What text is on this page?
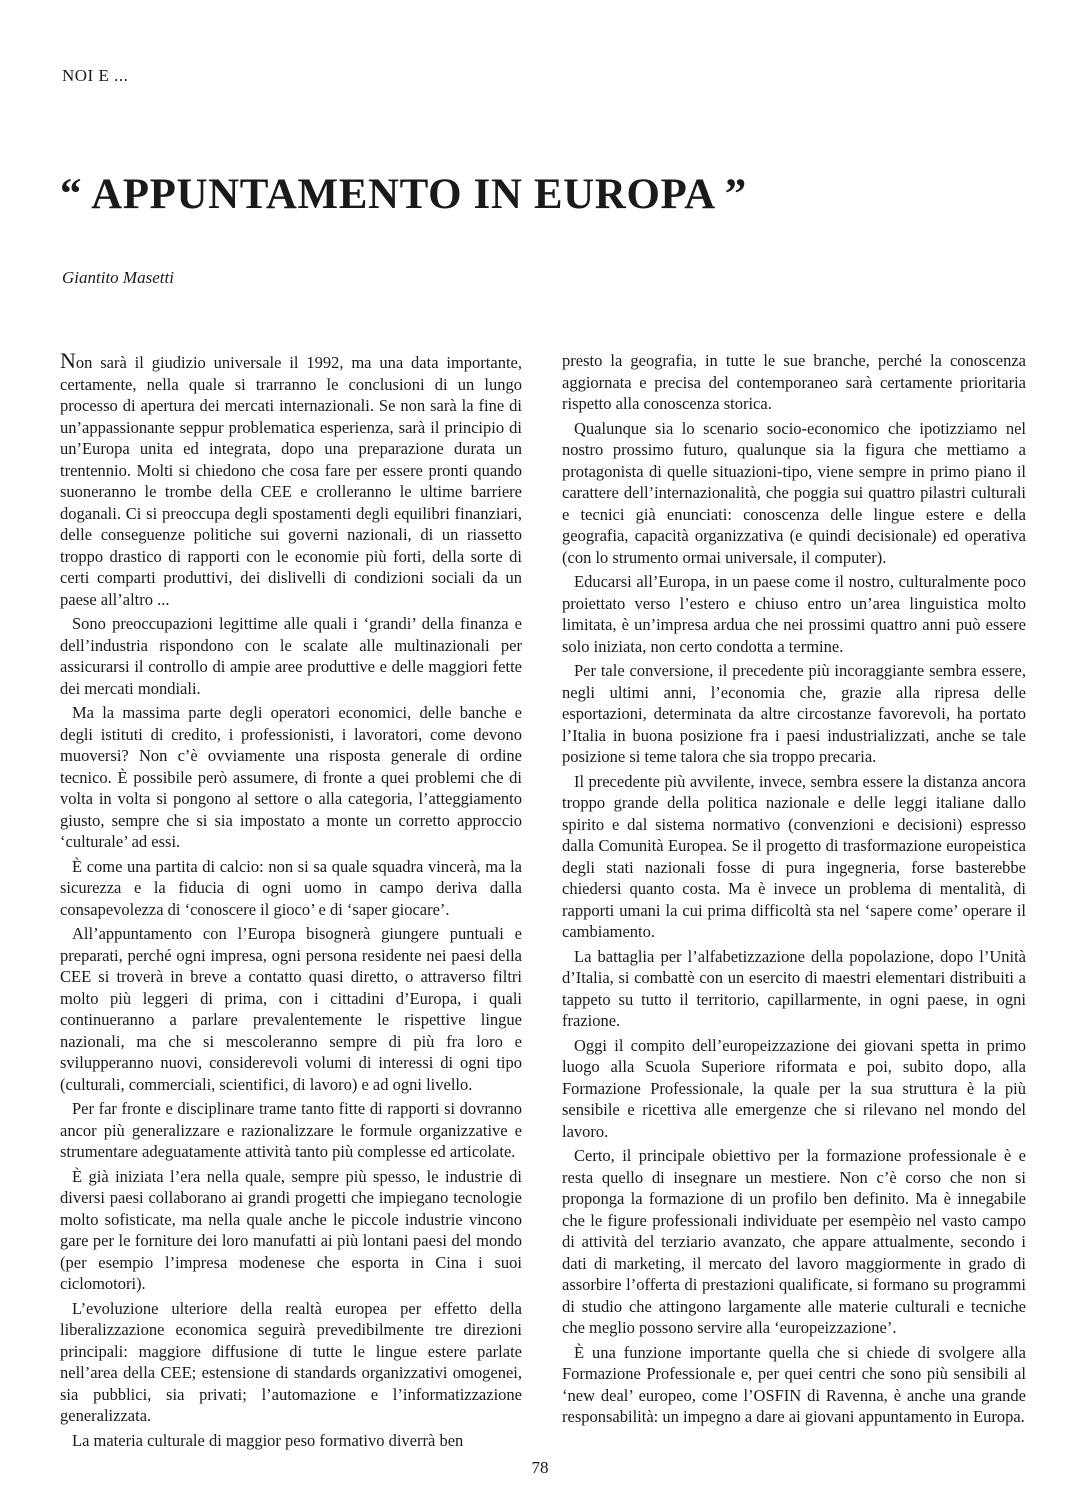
NOI E ...
“ APPUNTAMENTO IN EUROPA ”
Giantito Masetti

Non sarà il giudizio universale il 1992, ma una data importante, certamente, nella quale si trarranno le conclusioni di un lungo processo di apertura dei mercati internazionali. Se non sarà la fine di un’appassionante seppur problematica esperienza, sarà il principio di un’Europa unita ed integrata, dopo una preparazione durata un trentennio. Molti si chiedono che cosa fare per essere pronti quando suoneranno le trombe della CEE e crolleranno le ultime barriere doganali. Ci si preoccupa degli spostamenti degli equilibri finanziari, delle conseguenze politiche sui governi nazionali, di un riassetto troppo drastico di rapporti con le economie più forti, della sorte di certi comparti produttivi, dei dislivelli di condizioni sociali da un paese all’altro ...

Sono preoccupazioni legittime alle quali i ‘grandi’ della finanza e dell’industria rispondono con le scalate alle multinazionali per assicurarsi il controllo di ampie aree produttive e delle maggiori fette dei mercati mondiali.

Ma la massima parte degli operatori economici, delle banche e degli istituti di credito, i professionisti, i lavoratori, come devono muoversi? Non c’è ovviamente una risposta generale di ordine tecnico. È possibile però assumere, di fronte a quei problemi che di volta in volta si pongono al settore o alla categoria, l’atteggiamento giusto, sempre che si sia impostato a monte un corretto approccio ‘culturale’ ad essi.

È come una partita di calcio: non si sa quale squadra vincerà, ma la sicurezza e la fiducia di ogni uomo in campo deriva dalla consapevolezza di ‘conoscere il gioco’ e di ‘saper giocare’.

All’appuntamento con l’Europa bisognerà giungere puntuali e preparati, perché ogni impresa, ogni persona residente nei paesi della CEE si troverà in breve a contatto quasi diretto, o attraverso filtri molto più leggeri di prima, con i cittadini d’Europa, i quali continueranno a parlare prevalentemente le rispettive lingue nazionali, ma che si mescoleranno sempre di più fra loro e svilupperanno nuovi, considerevoli volumi di interessi di ogni tipo (culturali, commerciali, scientifici, di lavoro) e ad ogni livello.

Per far fronte e disciplinare trame tanto fitte di rapporti si dovranno ancor più generalizzare e razionalizzare le formule organizzative e strumentare adeguatamente attività tanto più complesse ed articolate.

È già iniziata l’era nella quale, sempre più spesso, le industrie di diversi paesi collaborano ai grandi progetti che impiegano tecnologie molto sofisticate, ma nella quale anche le piccole industrie vincono gare per le forniture dei loro manufatti ai più lontani paesi del mondo (per esempio l’impresa modenese che esporta in Cina i suoi ciclomotori).

L’evoluzione ulteriore della realtà europea per effetto della liberalizzazione economica seguirà prevedibilmente tre direzioni principali: maggiore diffusione di tutte le lingue estere parlate nell’area della CEE; estensione di standards organizzativi omogenei, sia pubblici, sia privati; l’automazione e l’informatizzazione generalizzata.

La materia culturale di maggior peso formativo diverrà ben

presto la geografia, in tutte le sue branche, perché la conoscenza aggiornata e precisa del contemporaneo sarà certamente prioritaria rispetto alla conoscenza storica.

Qualunque sia lo scenario socio-economico che ipotizziamo nel nostro prossimo futuro, qualunque sia la figura che mettiamo a protagonista di quelle situazioni-tipo, viene sempre in primo piano il carattere dell’internazionalità, che poggia sui quattro pilastri culturali e tecnici già enunciati: conoscenza delle lingue estere e della geografia, capacità organizzativa (e quindi decisionale) ed operativa (con lo strumento ormai universale, il computer).

Educarsi all’Europa, in un paese come il nostro, culturalmente poco proiettato verso l’estero e chiuso entro un’area linguistica molto limitata, è un’impresa ardua che nei prossimi quattro anni può essere solo iniziata, non certo condotta a termine.

Per tale conversione, il precedente più incoraggiante sembra essere, negli ultimi anni, l’economia che, grazie alla ripresa delle esportazioni, determinata da altre circostanze favorevoli, ha portato l’Italia in buona posizione fra i paesi industrializzati, anche se tale posizione si teme talora che sia troppo precaria.

Il precedente più avvilente, invece, sembra essere la distanza ancora troppo grande della politica nazionale e delle leggi italiane dallo spirito e dal sistema normativo (convenzioni e decisioni) espresso dalla Comunità Europea. Se il progetto di trasformazione europeistica degli stati nazionali fosse di pura ingegneria, forse basterebbe chiedersi quanto costa. Ma è invece un problema di mentalità, di rapporti umani la cui prima difficoltà sta nel ‘sapere come’ operare il cambiamento.

La battaglia per l’alfabetizzazione della popolazione, dopo l’Unità d’Italia, si combattè con un esercito di maestri elementari distribuiti a tappeto su tutto il territorio, capillarmente, in ogni paese, in ogni frazione.

Oggi il compito dell’europeizzazione dei giovani spetta in primo luogo alla Scuola Superiore riformata e poi, subito dopo, alla Formazione Professionale, la quale per la sua struttura è la più sensibile e ricettiva alle emergenze che si rilevano nel mondo del lavoro.

Certo, il principale obiettivo per la formazione professionale è e resta quello di insegnare un mestiere. Non c’è corso che non si proponga la formazione di un profilo ben definito. Ma è innegabile che le figure professionali individuate per esempèio nel vasto campo di attività del terziario avanzato, che appare attualmente, secondo i dati di marketing, il mercato del lavoro maggiormente in grado di assorbire l’offerta di prestazioni qualificate, si formano su programmi di studio che attingono largamente alle materie culturali e tecniche che meglio possono servire alla ‘europeizzazione’.

È una funzione importante quella che si chiede di svolgere alla Formazione Professionale e, per quei centri che sono più sensibili al ‘new deal’ europeo, come l’OSFIN di Ravenna, è anche una grande responsabilità: un impegno a dare ai giovani appuntamento in Europa.

78
